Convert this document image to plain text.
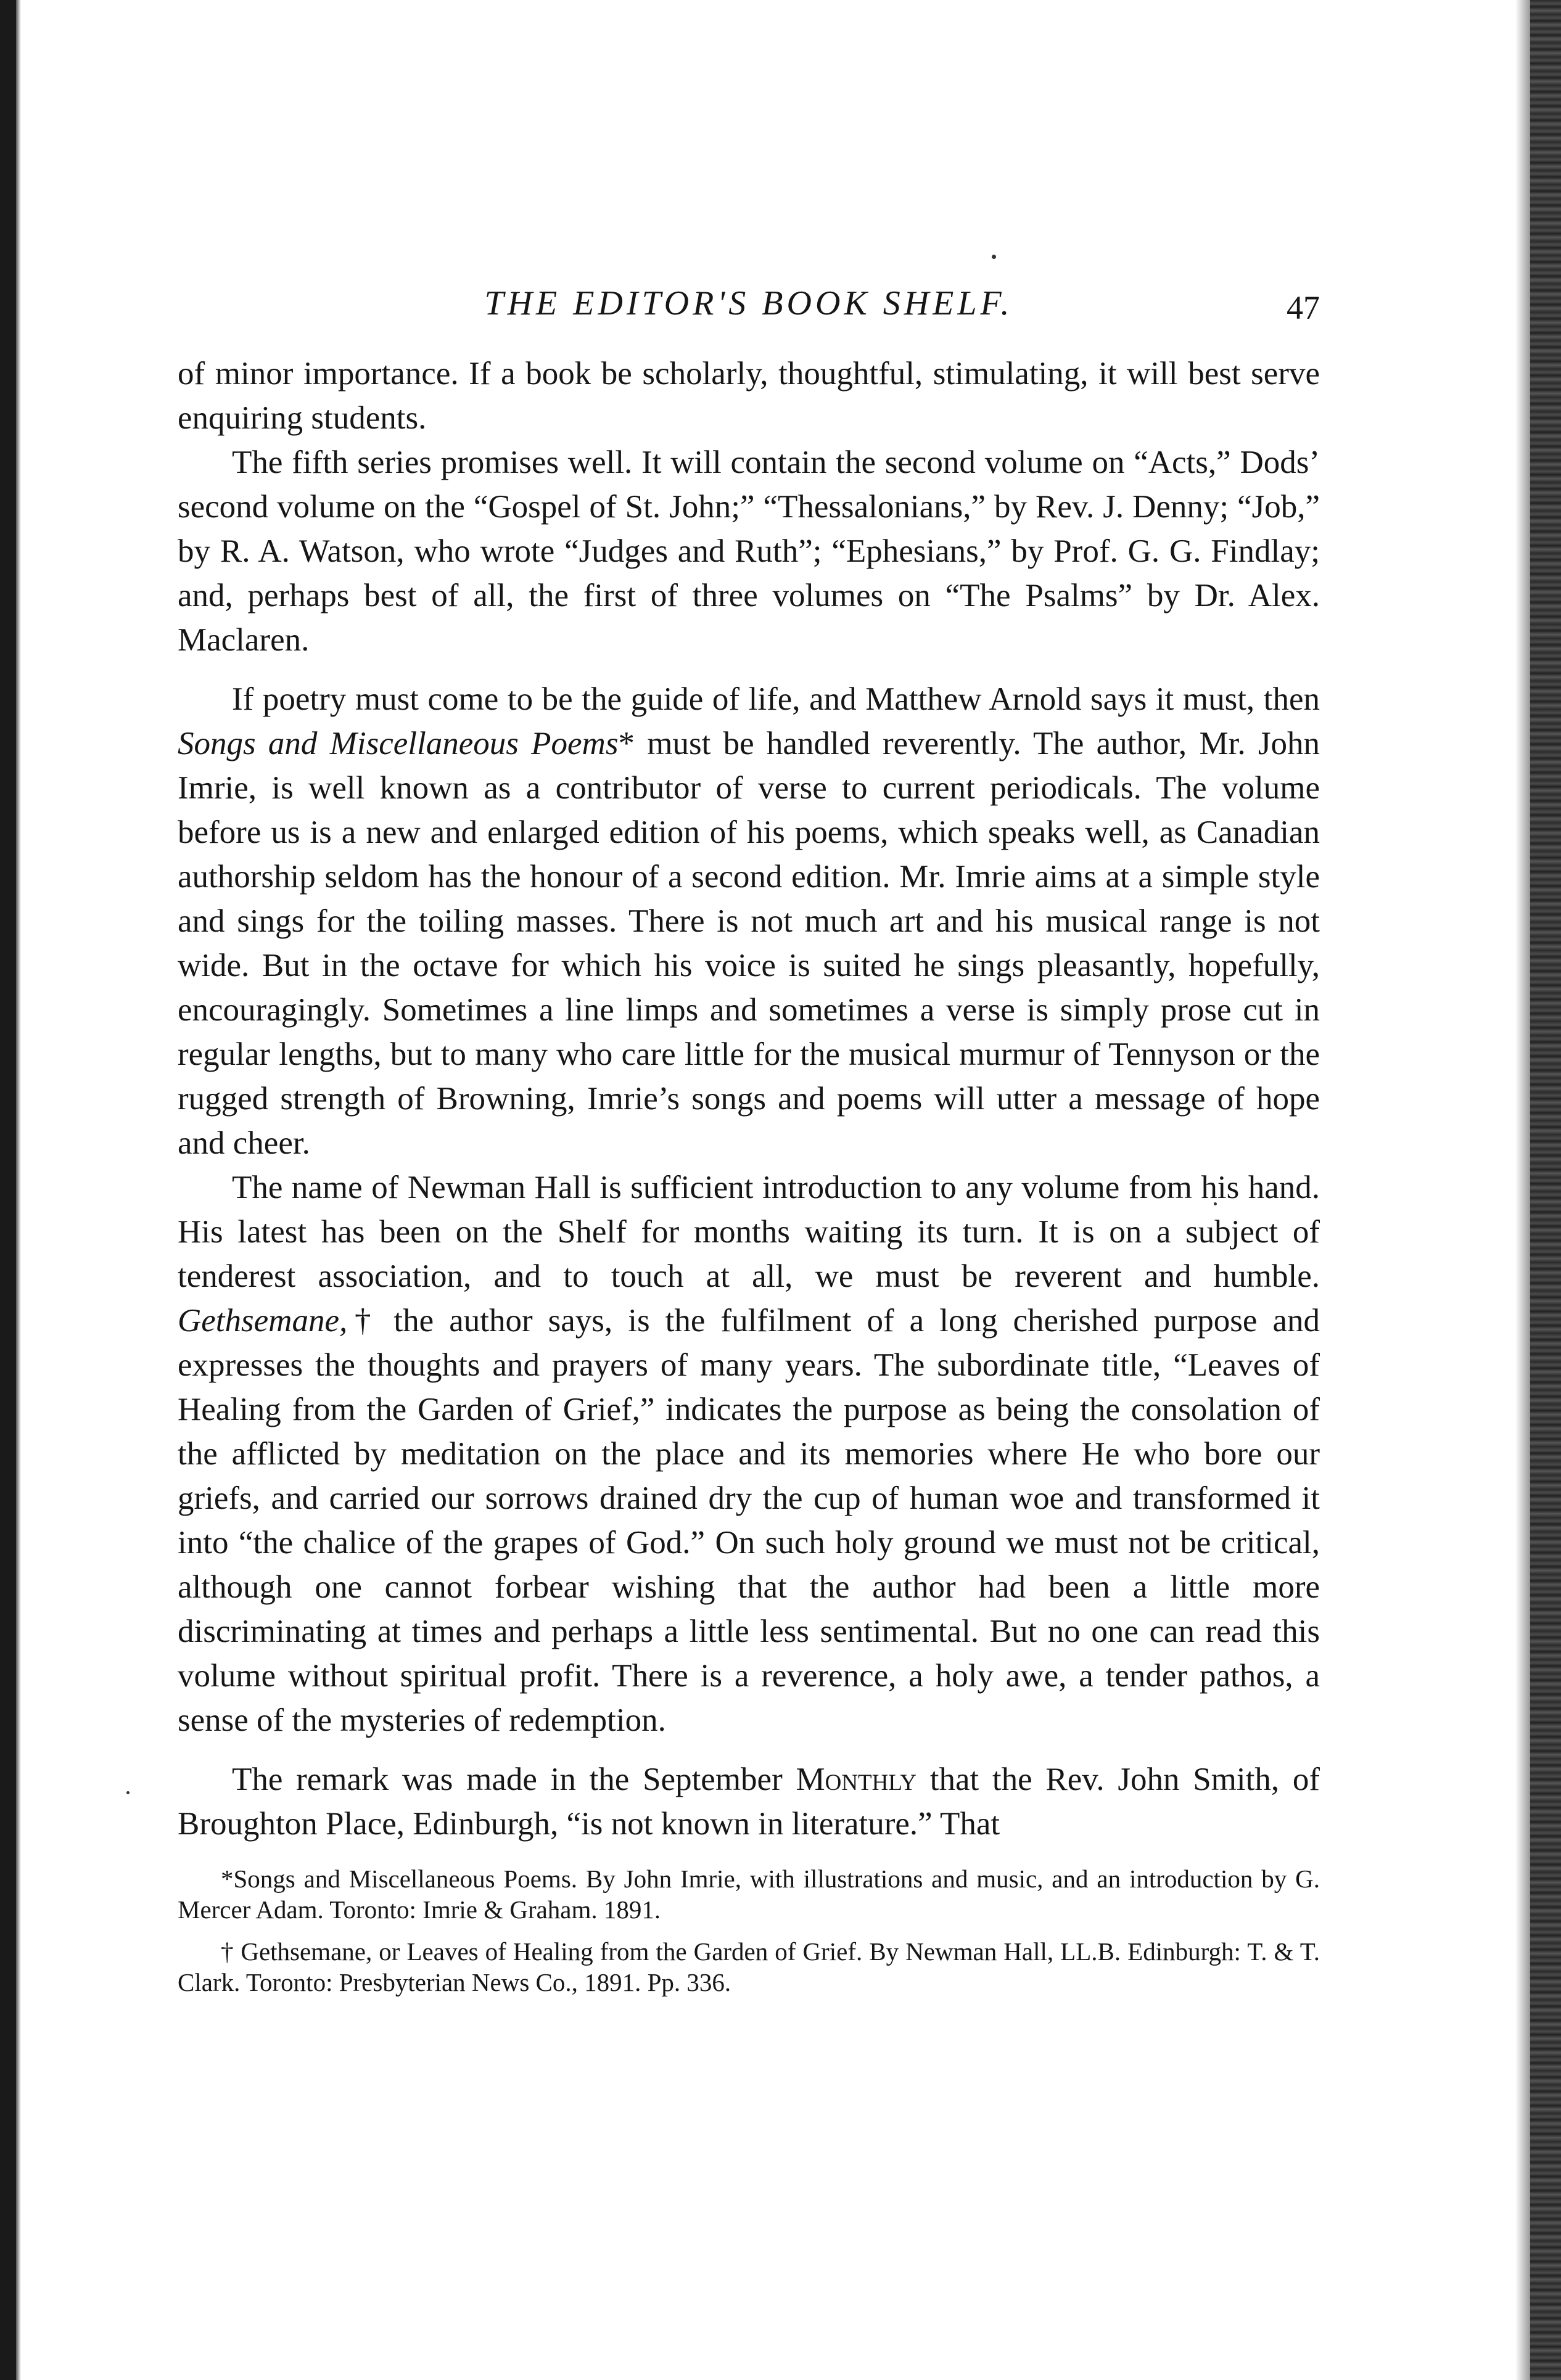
THE EDITOR'S BOOK SHELF.	47

of minor importance. If a book be scholarly, thoughtful, stimulating, it will best serve enquiring students.

The fifth series promises well. It will contain the second volume on “Acts,” Dods’ second volume on the “Gospel of St. John;” “Thessalonians,” by Rev. J. Denny; “Job,” by R. A. Watson, who wrote “Judges and Ruth”; “Ephesians,” by Prof. G. G. Findlay; and, perhaps best of all, the first of three volumes on “The Psalms” by Dr. Alex. Maclaren.

If poetry must come to be the guide of life, and Matthew Arnold says it must, then Songs and Miscellaneous Poems* must be handled reverently. The author, Mr. John Imrie, is well known as a contributor of verse to current periodicals. The volume before us is a new and enlarged edition of his poems, which speaks well, as Canadian authorship seldom has the honour of a second edition. Mr. Imrie aims at a simple style and sings for the toiling masses. There is not much art and his musical range is not wide. But in the octave for which his voice is suited he sings pleasantly, hopefully, encouragingly. Sometimes a line limps and sometimes a verse is simply prose cut in regular lengths, but to many who care little for the musical murmur of Tennyson or the rugged strength of Browning, Imrie’s songs and poems will utter a message of hope and cheer.

The name of Newman Hall is sufficient introduction to any volume from his hand. His latest has been on the Shelf for months waiting its turn. It is on a subject of tenderest association, and to touch at all, we must be reverent and humble. Gethsemane,† the author says, is the fulfilment of a long cherished purpose and expresses the thoughts and prayers of many years. The subordinate title, “Leaves of Healing from the Garden of Grief,” indicates the purpose as being the consolation of the afflicted by meditation on the place and its memories where He who bore our griefs, and carried our sorrows drained dry the cup of human woe and transformed it into “the chalice of the grapes of God.” On such holy ground we must not be critical, although one cannot forbear wishing that the author had been a little more discriminating at times and perhaps a little less sentimental. But no one can read this volume without spiritual profit. There is a reverence, a holy awe, a tender pathos, a sense of the mysteries of redemption.

The remark was made in the September Monthly that the Rev. John Smith, of Broughton Place, Edinburgh, “is not known in literature.” That

*Songs and Miscellaneous Poems. By John Imrie, with illustrations and music, and an introduction by G. Mercer Adam. Toronto: Imrie & Graham. 1891.

† Gethsemane, or Leaves of Healing from the Garden of Grief. By Newman Hall, LL.B. Edinburgh: T. & T. Clark. Toronto: Presbyterian News Co., 1891. Pp. 336.
